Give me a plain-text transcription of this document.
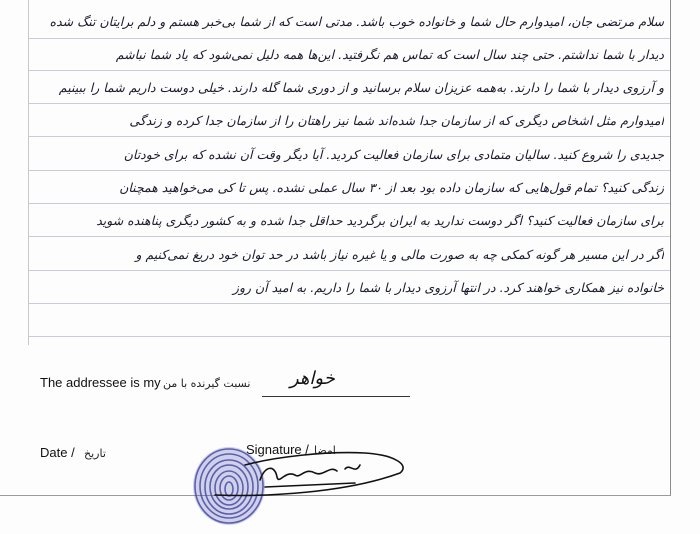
سلام مرتضی جان، امیدوارم حال شما و خانواده خوب باشد. مدتی است که از شما بی‌خبر هستم و دلم برایتان تنگ شده
دیدار با شما نداشتم. حتی چند سال است که تماس هم نگرفتید. این‌ها همه دلیل نمی‌شود که یاد شما نباشم
و آرزوی دیدار با شما را دارند. به‌همه عزیزان سلام برسانید و از دوری شما گله دارند. خیلی دوست داریم شما را ببینیم
امیدوارم مثل اشخاص دیگری که از سازمان جدا شده‌اند شما نیز راهتان را از سازمان جدا کرده و زندگی
جدیدی را شروع کنید. سالیان متمادی برای سازمان فعالیت کردید. آیا دیگر وقت آن نشده که برای خودتان
زندگی کنید؟ تمام قول‌هایی که سازمان داده بود بعد از ۳۰ سال عملی نشده. پس تا کی می‌خواهید همچنان
برای سازمان فعالیت کنید؟ اگر دوست ندارید به ایران برگردید حداقل جدا شده و به کشور دیگری پناهنده شوید
اگر در این مسیر هر گونه کمکی چه به صورت مالی و یا غیره نیاز باشد در حد توان خود دریغ نمی‌کنیم و
خانواده نیز همکاری خواهند کرد. در انتها آرزوی دیدار با شما را داریم. به امید آن روز
The addressee is my نسبت گیرنده با من خواهر
Date / تاریخ	Signature / امضا
